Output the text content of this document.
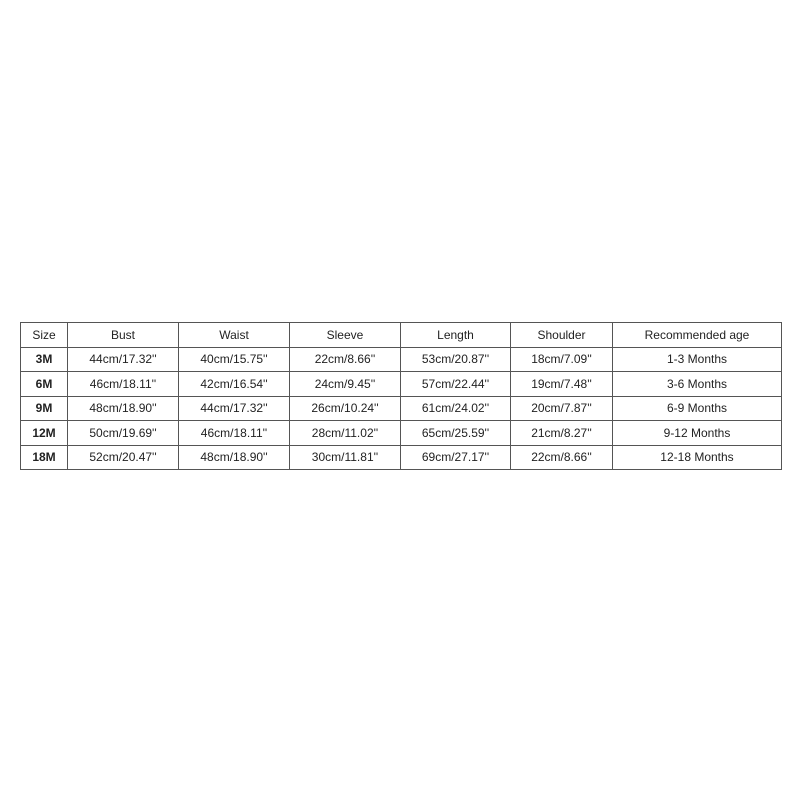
Size	Bust	Waist	Sleeve	Length	Shoulder	Recommended age
3M	44cm/17.32''	40cm/15.75''	22cm/8.66''	53cm/20.87''	18cm/7.09''	1-3 Months
6M	46cm/18.11''	42cm/16.54''	24cm/9.45''	57cm/22.44''	19cm/7.48''	3-6 Months
9M	48cm/18.90''	44cm/17.32''	26cm/10.24''	61cm/24.02''	20cm/7.87''	6-9 Months
12M	50cm/19.69''	46cm/18.11''	28cm/11.02''	65cm/25.59''	21cm/8.27''	9-12 Months
18M	52cm/20.47''	48cm/18.90''	30cm/11.81''	69cm/27.17''	22cm/8.66''	12-18 Months
